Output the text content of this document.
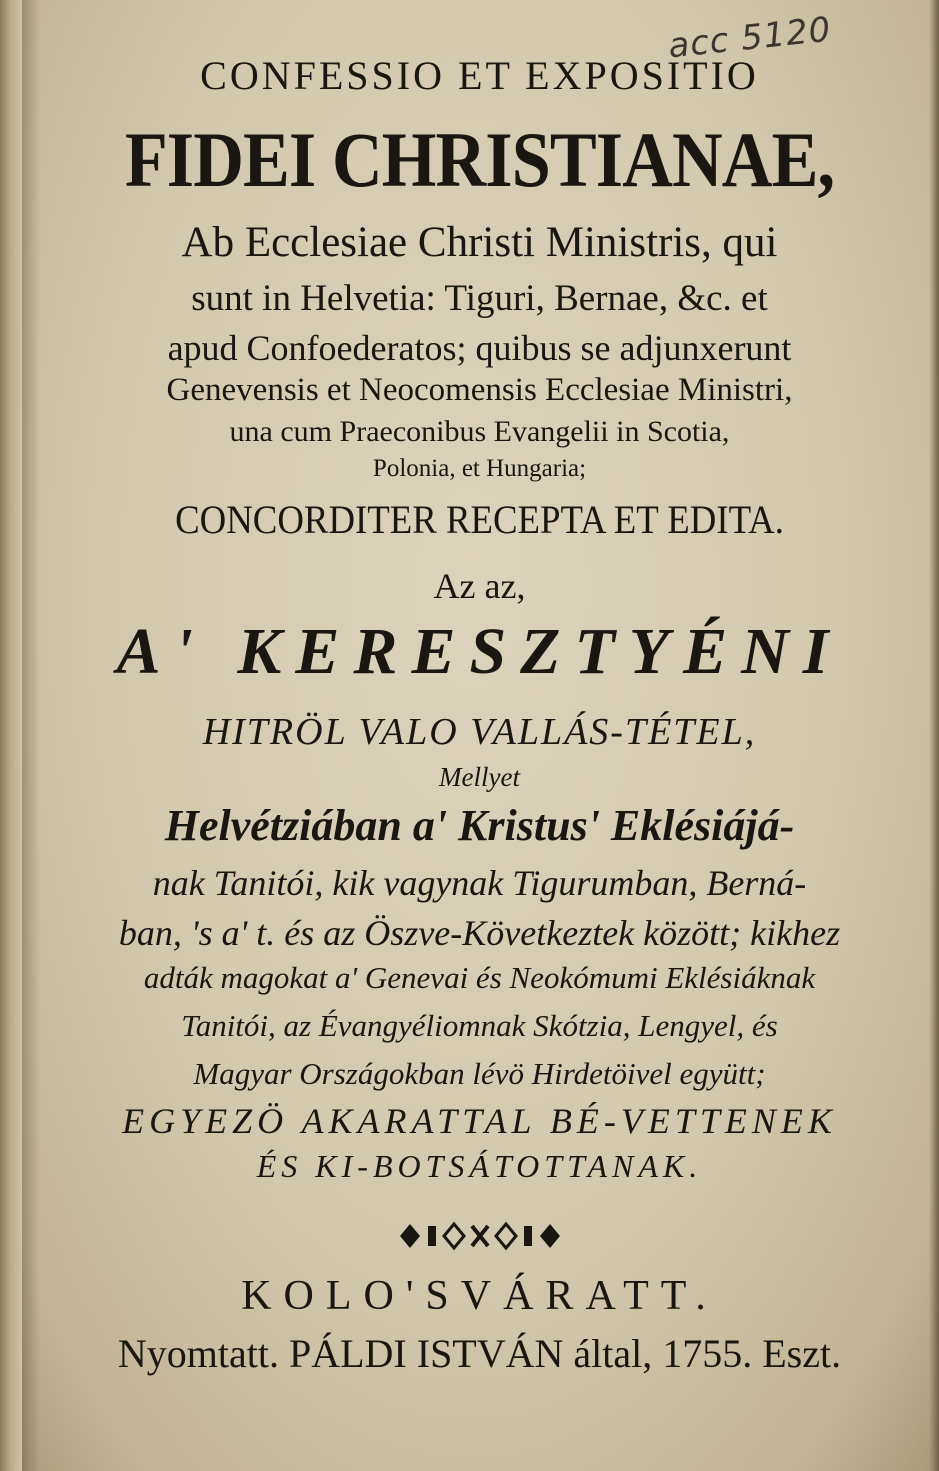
acc 5120
CONFESSIO ET EXPOSITIO
FIDEI CHRISTIANAE,
Ab Ecclesiae Christi Ministris, qui
sunt in Helvetia: Tiguri, Bernae, &c. et
apud Confoederatos; quibus se adjunxerunt
Genevensis et Neocomensis Ecclesiae Ministri,
una cum Praeconibus Evangelii in Scotia,
Polonia, et Hungaria;
CONCORDITER RECEPTA ET EDITA.
Az az,
A' KERESZTYÉNI
HITRÖL VALO VALLÁS-TÉTEL,
Mellyet
Helvétziában a' Kristus' Eklésiájá-
nak Tanitói, kik vagynak Tigurumban, Berná-
ban, 's a' t. és az Öszve-Következtek között; kikhez
adták magokat a' Genevai és Neokómumi Eklésiáknak
Tanitói, az Évangyéliomnak Skótzia, Lengyel, és
Magyar Országokban lévö Hirdetöivel együtt;
EGYEZÖ AKARATTAL BÉ-VETTENEK
ÉS KI-BOTSÁTOTTANAK.
KOLO'SVÁRATT.
Nyomtatt. PÁLDI ISTVÁN által, 1755. Eszt.
